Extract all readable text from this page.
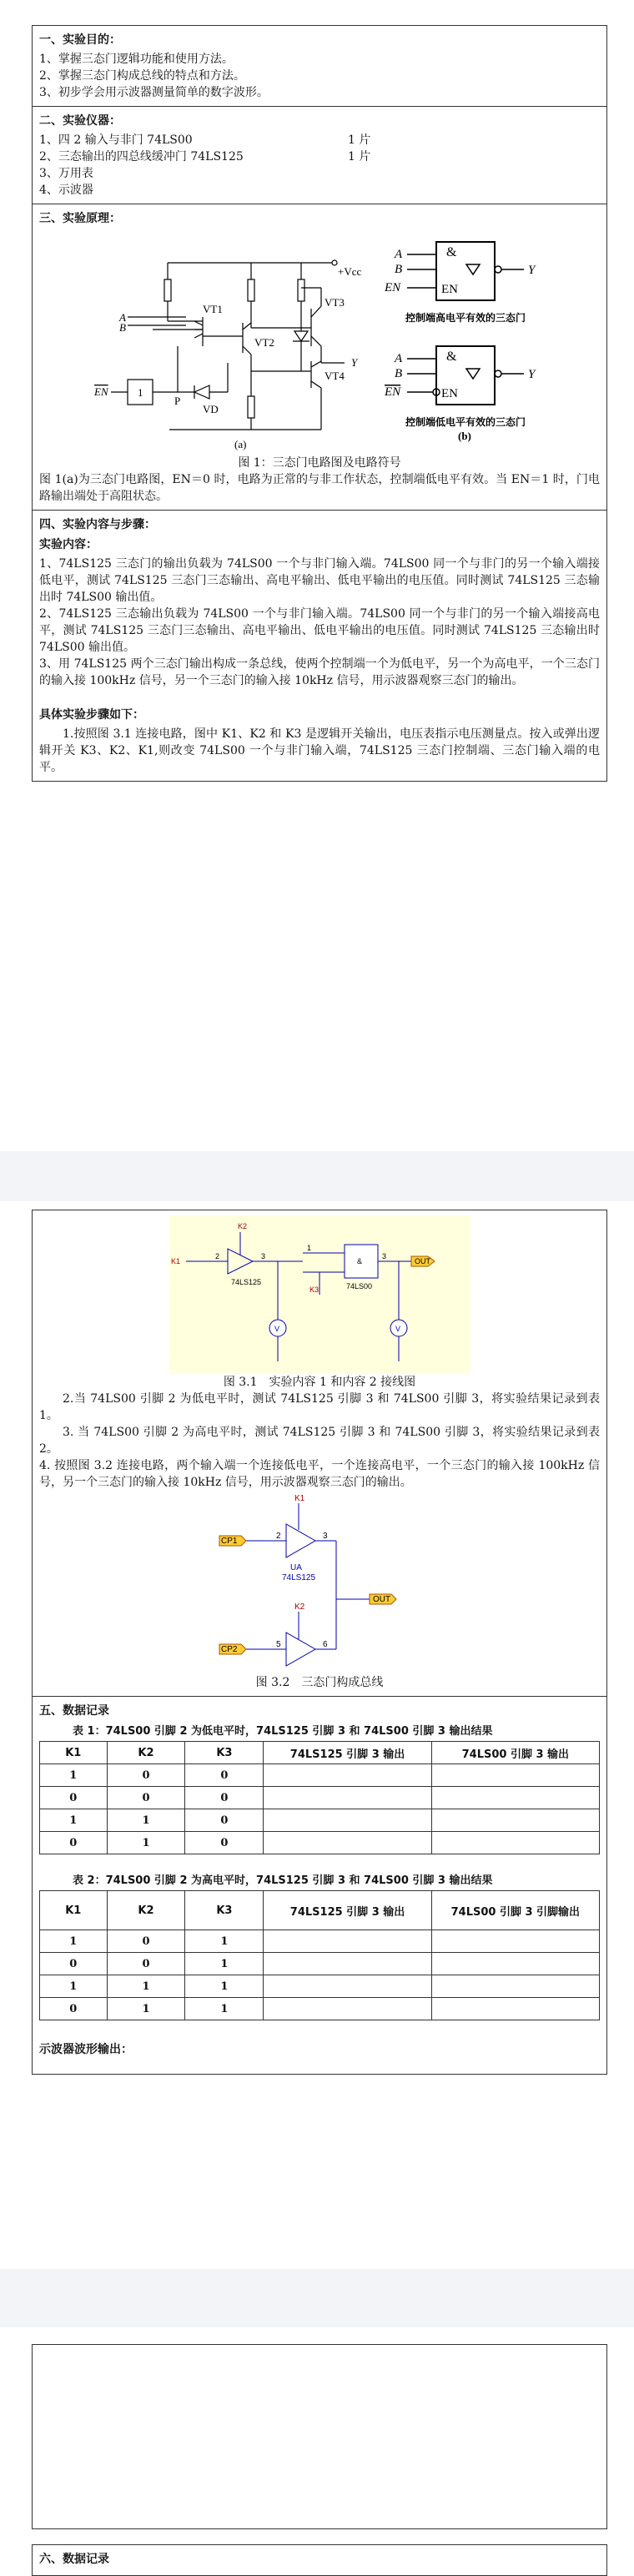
一、实验目的：
1、掌握三态门逻辑功能和使用方法。
2、掌握三态门构成总线的特点和方法。
3、初步学会用示波器测量简单的数字波形。
二、实验仪器：
1、四 2 输入与非门 74LS00	1 片
2、三态输出的四总线缓冲门 74LS125	1 片
3、万用表
4、示波器
三、实验原理：
+Vcc
VT1
VT2
VT3
VT4
VD
P
A
B
EN	1
Y
(a)
&
A
B
EN	EN
Y
控制端高电平有效的三态门
&
A
B
EN	EN
Y
控制端低电平有效的三态门
(b)
图 1：三态门电路图及电路符号
图 1(a)为三态门电路图，EN＝0 时，电路为正常的与非工作状态，控制端低电平有效。当 EN＝1 时，门电路输出端处于高阻状态。
四、实验内容与步骤：
实验内容：
1、74LS125 三态门的输出负载为 74LS00 一个与非门输入端。74LS00 同一个与非门的另一个输入端接低电平，测试 74LS125 三态门三态输出、高电平输出、低电平输出的电压值。同时测试 74LS125 三态输出时 74LS00 输出值。
2、74LS125 三态输出负载为 74LS00 一个与非门输入端。74LS00 同一个与非门的另一个输入端接高电平，测试 74LS125 三态门三态输出、高电平输出、低电平输出的电压值。同时测试 74LS125 三态输出时 74LS00 输出值。
3、用 74LS125 两个三态门输出构成一条总线，使两个控制端一个为低电平，另一个为高电平，一个三态门的输入接 100kHz 信号，另一个三态门的输入接 10kHz 信号，用示波器观察三态门的输出。
具体实验步骤如下：
1.按照图 3.1 连接电路，图中 K1、K2 和 K3 是逻辑开关输出，电压表指示电压测量点。按入或弹出逻辑开关 K3、K2、K1,则改变 74LS00 一个与非门输入端，74LS125 三态门控制端、三态门输入端的电平。
K2
K1
K3
74LS125	74LS00
&	OUT
V	V
2	3
1
3
图 3.1　实验内容 1 和内容 2 接线图
2.当 74LS00 引脚 2 为低电平时，测试 74LS125 引脚 3 和 74LS00 引脚 3，将实验结果记录到表 1。
3. 当 74LS00 引脚 2 为高电平时，测试 74LS125 引脚 3 和 74LS00 引脚 3，将实验结果记录到表 2。
4. 按照图 3.2 连接电路，两个输入端一个连接低电平，一个连接高电平，一个三态门的输入接 100kHz 信号，另一个三态门的输入接 10kHz 信号，用示波器观察三态门的输出。
K1
K2
CP1
CP2
OUT
UA
74LS125
2	3
5	6
图 3.2　三态门构成总线
五、数据记录
表 1：74LS00 引脚 2 为低电平时，74LS125 引脚 3 和 74LS00 引脚 3 输出结果
K1	K2	K3	74LS125 引脚 3 输出	74LS00 引脚 3 输出
1	0	0		
0	0	0		
1	1	0		
0	1	0		
表 2：74LS00 引脚 2 为高电平时，74LS125 引脚 3 和 74LS00 引脚 3 输出结果
K1	K2	K3	74LS125 引脚 3 输出	74LS00 引脚 3 引脚输出
1	0	1		
0	0	1		
1	1	1		
0	1	1		
示波器波形输出：
六、数据记录
